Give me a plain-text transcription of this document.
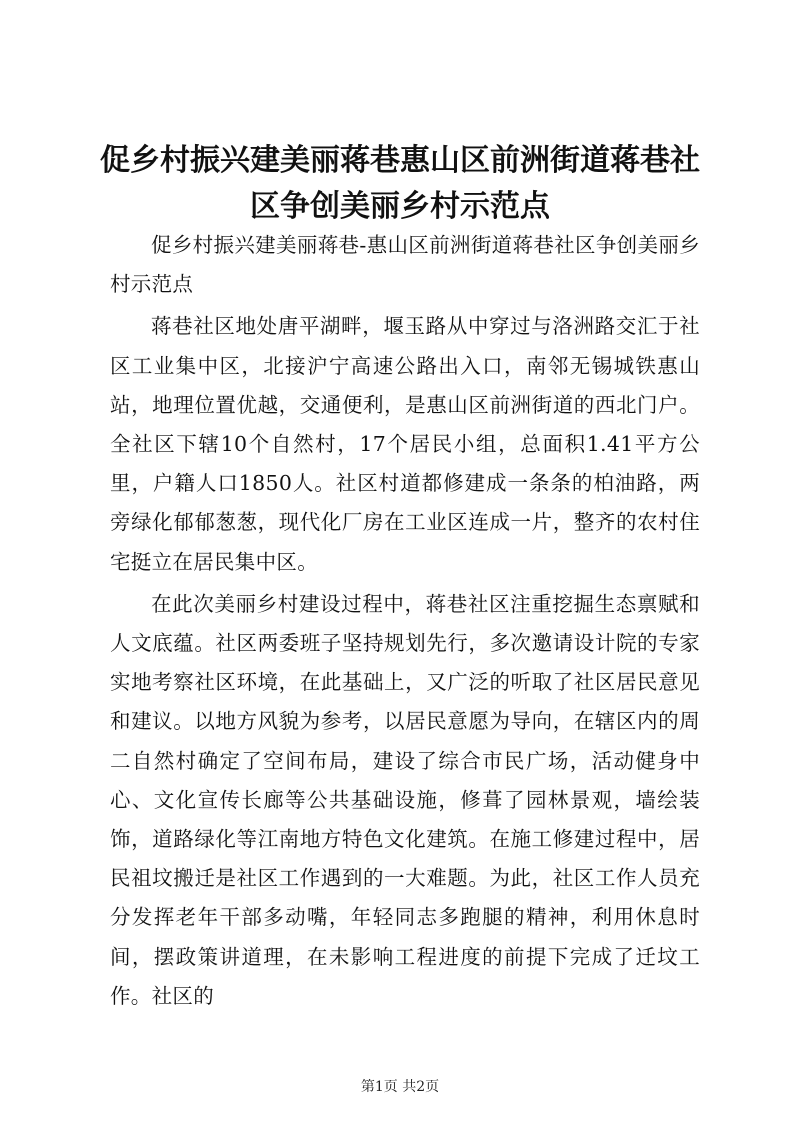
促乡村振兴建美丽蒋巷惠山区前洲街道蒋巷社区争创美丽乡村示范点

促乡村振兴建美丽蒋巷-惠山区前洲街道蒋巷社区争创美丽乡村示范点

蒋巷社区地处唐平湖畔，堰玉路从中穿过与洛洲路交汇于社区工业集中区，北接沪宁高速公路出入口，南邻无锡城铁惠山站，地理位置优越，交通便利，是惠山区前洲街道的西北门户。全社区下辖10个自然村，17个居民小组，总面积1.41平方公里，户籍人口1850人。社区村道都修建成一条条的柏油路，两旁绿化郁郁葱葱，现代化厂房在工业区连成一片，整齐的农村住宅挺立在居民集中区。

在此次美丽乡村建设过程中，蒋巷社区注重挖掘生态禀赋和人文底蕴。社区两委班子坚持规划先行，多次邀请设计院的专家实地考察社区环境，在此基础上，又广泛的听取了社区居民意见和建议。以地方风貌为参考，以居民意愿为导向，在辖区内的周二自然村确定了空间布局，建设了综合市民广场，活动健身中心、文化宣传长廊等公共基础设施，修葺了园林景观，墙绘装饰，道路绿化等江南地方特色文化建筑。在施工修建过程中，居民祖坟搬迁是社区工作遇到的一大难题。为此，社区工作人员充分发挥老年干部多动嘴，年轻同志多跑腿的精神，利用休息时间，摆政策讲道理，在未影响工程进度的前提下完成了迁坟工作。社区的

第1页 共2页
